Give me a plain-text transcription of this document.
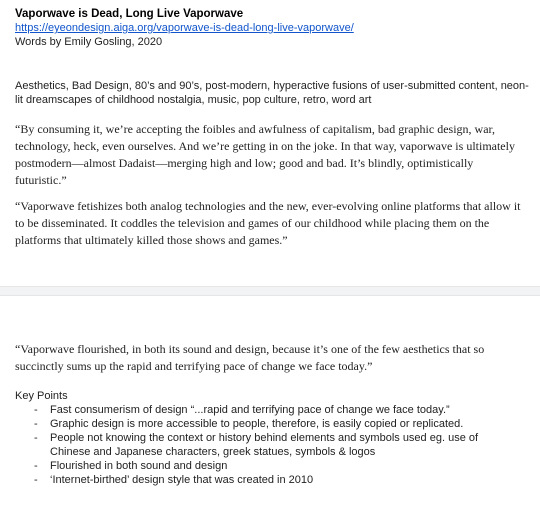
Vaporwave is Dead, Long Live Vaporwave
https://eyeondesign.aiga.org/vaporwave-is-dead-long-live-vaporwave/
Words by Emily Gosling, 2020
Aesthetics, Bad Design, 80’s and 90’s, post-modern, hyperactive fusions of user-submitted content, neon-lit dreamscapes of childhood nostalgia, music, pop culture, retro, word art

“By consuming it, we’re accepting the foibles and awfulness of capitalism, bad graphic design, war, technology, heck, even ourselves. And we’re getting in on the joke. In that way, vaporwave is ultimately postmodern—almost Dadaist—merging high and low; good and bad. It’s blindly, optimistically futuristic.”

“Vaporwave fetishizes both analog technologies and the new, ever-evolving online platforms that allow it to be disseminated. It coddles the television and games of our childhood while placing them on the platforms that ultimately killed those shows and games.”

“Vaporwave flourished, in both its sound and design, because it’s one of the few aesthetics that so succinctly sums up the rapid and terrifying pace of change we face today.”

Key Points
- Fast consumerism of design “...rapid and terrifying pace of change we face today.”
- Graphic design is more accessible to people, therefore, is easily copied or replicated.
- People not knowing the context or history behind elements and symbols used eg. use of Chinese and Japanese characters, greek statues, symbols & logos
- Flourished in both sound and design
- ‘Internet-birthed’ design style that was created in 2010
